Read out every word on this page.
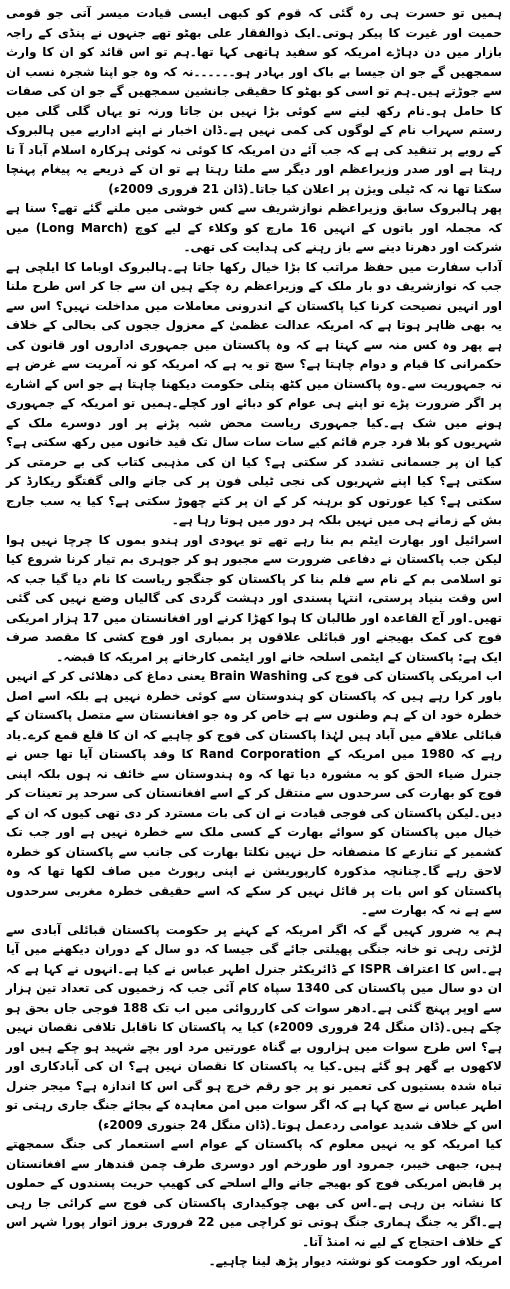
ہمیں تو حسرت ہی رہ گئی کہ قوم کو کبھی ایسی قیادت میسر آتی جو قومی حمیت اور غیرت کا پیکر ہوتی۔ایک ذوالفقار علی بھٹو تھے جنہوں نے پنڈی کے راجہ بازار میں دن دہاڑے امریکہ کو سفید ہاتھی کہا تھا۔ہم تو اس قائد کو ان کا وارث سمجھیں گے جو ان جیسا بے باک اور بہادر ہو۔۔۔۔۔۔نہ کہ وہ جو اپنا شجرہ نسب ان سے جوڑتے ہیں۔ہم تو اسی کو بھٹو کا حقیقی جانشین سمجھیں گے جو ان کی صفات کا حامل ہو۔نام رکھ لینے سے کوئی بڑا نہیں بن جاتا ورنہ تو یہاں گلی گلی میں رستم سہراب نام کے لوگوں کی کمی نہیں ہے۔ڈان اخبار نے اپنے اداریے میں ہالبروک کے رویے پر تنقید کی ہے کہ جب آئے دن امریکہ کا کوئی نہ کوئی ہرکارہ اسلام آباد آ تا رہتا ہے اور صدر وزیراعظم اور دیگر سے ملتا رہتا ہے تو ان کے ذریعے یہ پیغام پہنچا سکتا تھا نہ کہ ٹیلی ویژن پر اعلان کیا جاتا۔(ڈان 21 فروری 2009ء)

پھر ہالبروک سابق وزیراعظم نوازشریف سے کس خوشی میں ملنے گئے تھے؟ سنا ہے کہ مجملہ اور باتوں کے انہیں 16 مارچ کو وکلاء کے لیے کوچ (Long March) میں شرکت اور دھرنا دینے سے باز رہنے کی ہدایت کی تھی۔

آداب سفارت میں حفظ مراتب کا بڑا خیال رکھا جاتا ہے۔ہالبروک اوباما کا ایلچی ہے جب کہ نوازشریف دو بار ملک کے وزیراعظم رہ چکے ہیں ان سے جا کر اس طرح ملنا اور انہیں نصیحت کرنا کیا پاکستان کے اندرونی معاملات میں مداخلت نہیں؟ اس سے یہ بھی ظاہر ہوتا ہے کہ امریکہ عدالت عظمیٰ کے معزول ججوں کی بحالی کے خلاف ہے پھر وہ کس منہ سے کہتا ہے کہ وہ پاکستان میں جمہوری اداروں اور قانون کی حکمرانی کا قیام و دوام چاہتا ہے؟ سچ تو یہ ہے کہ امریکہ کو نہ آمریت سے غرض ہے نہ جمہوریت سے۔وہ پاکستان میں کٹھ پتلی حکومت دیکھنا چاہتا ہے جو اس کے اشارے پر اگر ضرورت پڑے تو اپنے ہی عوام کو دبائے اور کچلے۔ہمیں تو امریکہ کے جمہوری ہونے میں شک ہے۔کیا جمہوری ریاست محض شبہ پڑنے پر اور دوسرے ملک کے شہریوں کو بلا فرد جرم قائم کیے سات سات سال تک قید خانوں میں رکھ سکتی ہے؟ کیا ان پر جسمانی تشدد کر سکتی ہے؟ کیا ان کی مذہبی کتاب کی بے حرمتی کر سکتی ہے؟ کیا اپنے شہریوں کی نجی ٹیلی فون پر کی جانے والی گفتگو ریکارڈ کر سکتی ہے؟ کیا عورتوں کو برہنہ کر کے ان پر کتے چھوڑ سکتی ہے؟ کیا یہ سب جارج بش کے زمانے ہی میں نہیں بلکہ ہر دور میں ہوتا رہا ہے۔

اسرائیل اور بھارت ایٹم بم بنا رہے تھے تو یہودی اور ہندو بموں کا چرچا نہیں ہوا لیکن جب پاکستان نے دفاعی ضرورت سے مجبور ہو کر جوہری بم تیار کرنا شروع کیا تو اسلامی بم کے نام سے فلم بنا کر پاکستان کو جنگجو ریاست کا نام دیا گیا جب کہ اس وقت بنیاد پرستی، انتہا پسندی اور دہشت گردی کی گالیاں وضع نہیں کی گئی تھیں۔اور آج القاعدہ اور طالبان کا ہوا کھڑا کرنے اور افغانستان میں 17 ہزار امریکی فوج کی کمک بھیجنے اور قبائلی علاقوں پر بمباری اور فوج کشی کا مقصد صرف ایک ہے: پاکستان کے ایٹمی اسلحہ خانے اور ایٹمی کارخانے پر امریکہ کا قبضہ۔

اب امریکی پاکستان کی فوج کی Brain Washing یعنی دماغ کی دھلائی کر کے انہیں باور کرا رہے ہیں کہ پاکستان کو ہندوستان سے کوئی خطرہ نہیں ہے بلکہ اسے اصل خطرہ خود ان کے ہم وطنوں سے ہے خاص کر وہ جو افغانستان سے متصل پاکستان کے قبائلی علاقے میں آباد ہیں لہٰذا پاکستان کی فوج کو چاہیے کہ ان کا قلع قمع کرے۔یاد رہے کہ 1980 میں امریکہ کے Rand Corporation کا وفد پاکستان آیا تھا جس نے جنرل ضیاء الحق کو یہ مشورہ دیا تھا کہ وہ ہندوستان سے خائف نہ ہوں بلکہ اپنی فوج کو بھارت کی سرحدوں سے منتقل کر کے اسے افغانستان کی سرحد پر تعینات کر دیں۔لیکن پاکستان کی فوجی قیادت نے ان کی بات مسترد کر دی تھی کیوں کہ ان کے خیال میں پاکستان کو سوائے بھارت کے کسی ملک سے خطرہ نہیں ہے اور جب تک کشمیر کے تنازعے کا منصفانہ حل نہیں نکلتا بھارت کی جانب سے پاکستان کو خطرہ لاحق رہے گا۔چنانچہ مذکورہ کارپوریشن نے اپنی رپورٹ میں صاف لکھا تھا کہ وہ پاکستان کو اس بات پر قائل نہیں کر سکے کہ اسے حقیقی خطرہ مغربی سرحدوں سے ہے نہ کہ بھارت سے۔

ہم یہ ضرور کہیں گے کہ اگر امریکہ کے کہنے پر حکومت پاکستان قبائلی آبادی سے لڑتی رہی تو خانہ جنگی پھیلتی جائے گی جیسا کہ دو سال کے دوران دیکھنے میں آیا ہے۔اس کا اعتراف ISPR کے ڈائریکٹر جنرل اطہر عباس نے کیا ہے۔انہوں نے کہا ہے کہ ان دو سال میں پاکستان کی 1340 سپاہ کام آئی جب کہ زخمیوں کی تعداد تین ہزار سے اوپر پہنچ گئی ہے۔ادھر سوات کی کارروائی میں اب تک 188 فوجی جاں بحق ہو چکے ہیں۔(ڈان منگل 24 فروری 2009ء) کیا یہ پاکستان کا ناقابل تلافی نقصان نہیں ہے؟ اس طرح سوات میں ہزاروں بے گناہ عورتیں مرد اور بچے شہید ہو چکے ہیں اور لاکھوں بے گھر ہو گئے ہیں۔کیا یہ پاکستان کا نقصان نہیں ہے؟ ان کی آبادکاری اور تباہ شدہ بستیوں کی تعمیر نو پر جو رقم خرچ ہو گی اس کا اندازہ ہے؟ میجر جنرل اطہر عباس نے سچ کہا ہے کہ اگر سوات میں امن معاہدہ کے بجائے جنگ جاری رہتی تو اس کے خلاف شدید عوامی ردعمل ہوتا۔(ڈان منگل 24 جنوری 2009ء)

کیا امریکہ کو یہ نہیں معلوم کہ پاکستان کے عوام اسے استعمار کی جنگ سمجھتے ہیں، جبھی خیبر، جمرود اور طورخم اور دوسری طرف چمن قندھار سے افغانستان پر قابض امریکی فوج کو بھیجے جانے والے اسلحے کی کھیپ حریت پسندوں کے حملوں کا نشانہ بن رہی ہے۔اس کی بھی چوکیداری پاکستان کی فوج سے کرائی جا رہی ہے۔اگر یہ جنگ ہماری جنگ ہوتی تو کراچی میں 22 فروری بروز اتوار پورا شہر اس کے خلاف احتجاج کے لیے نہ امنڈ آتا۔

امریکہ اور حکومت کو نوشتہ دیوار پڑھ لینا چاہیے۔
